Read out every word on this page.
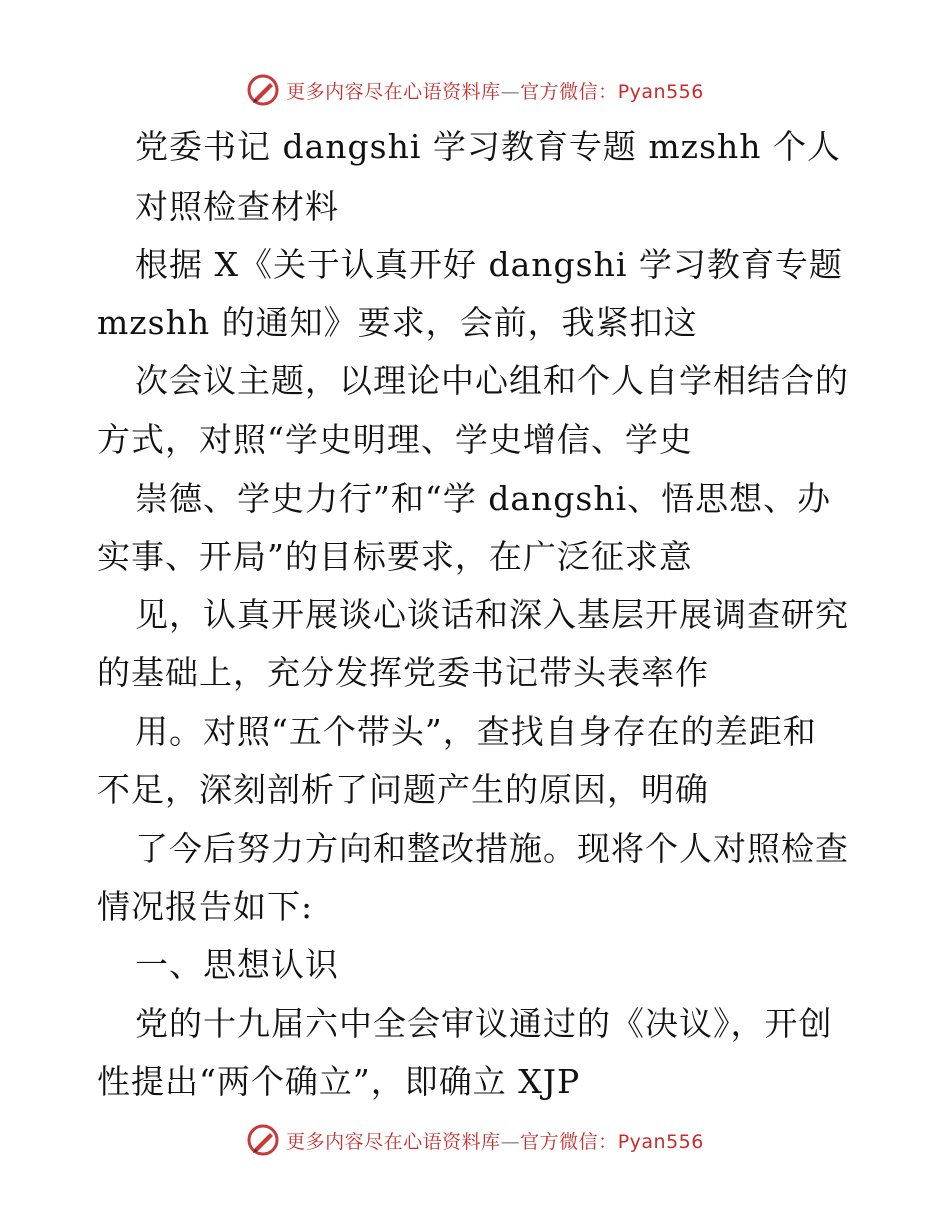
更多内容尽在心语资料库—官方微信：Pyan556
党委书记 dangshi 学习教育专题 mzshh 个人
对照检查材料
根据 X《关于认真开好 dangshi 学习教育专题
mzshh 的通知》要求，会前，我紧扣这
次会议主题，以理论中心组和个人自学相结合的
方式，对照“学史明理、学史增信、学史
崇德、学史力行”和“学 dangshi、悟思想、办
实事、开局”的目标要求，在广泛征求意
见，认真开展谈心谈话和深入基层开展调查研究
的基础上，充分发挥党委书记带头表率作
用。对照“五个带头”，查找自身存在的差距和
不足，深刻剖析了问题产生的原因，明确
了今后努力方向和整改措施。现将个人对照检查
情况报告如下:
一、思想认识
党的十九届六中全会审议通过的《决议》，开创
性提出“两个确立”，即确立 XJP
更多内容尽在心语资料库—官方微信：Pyan556
